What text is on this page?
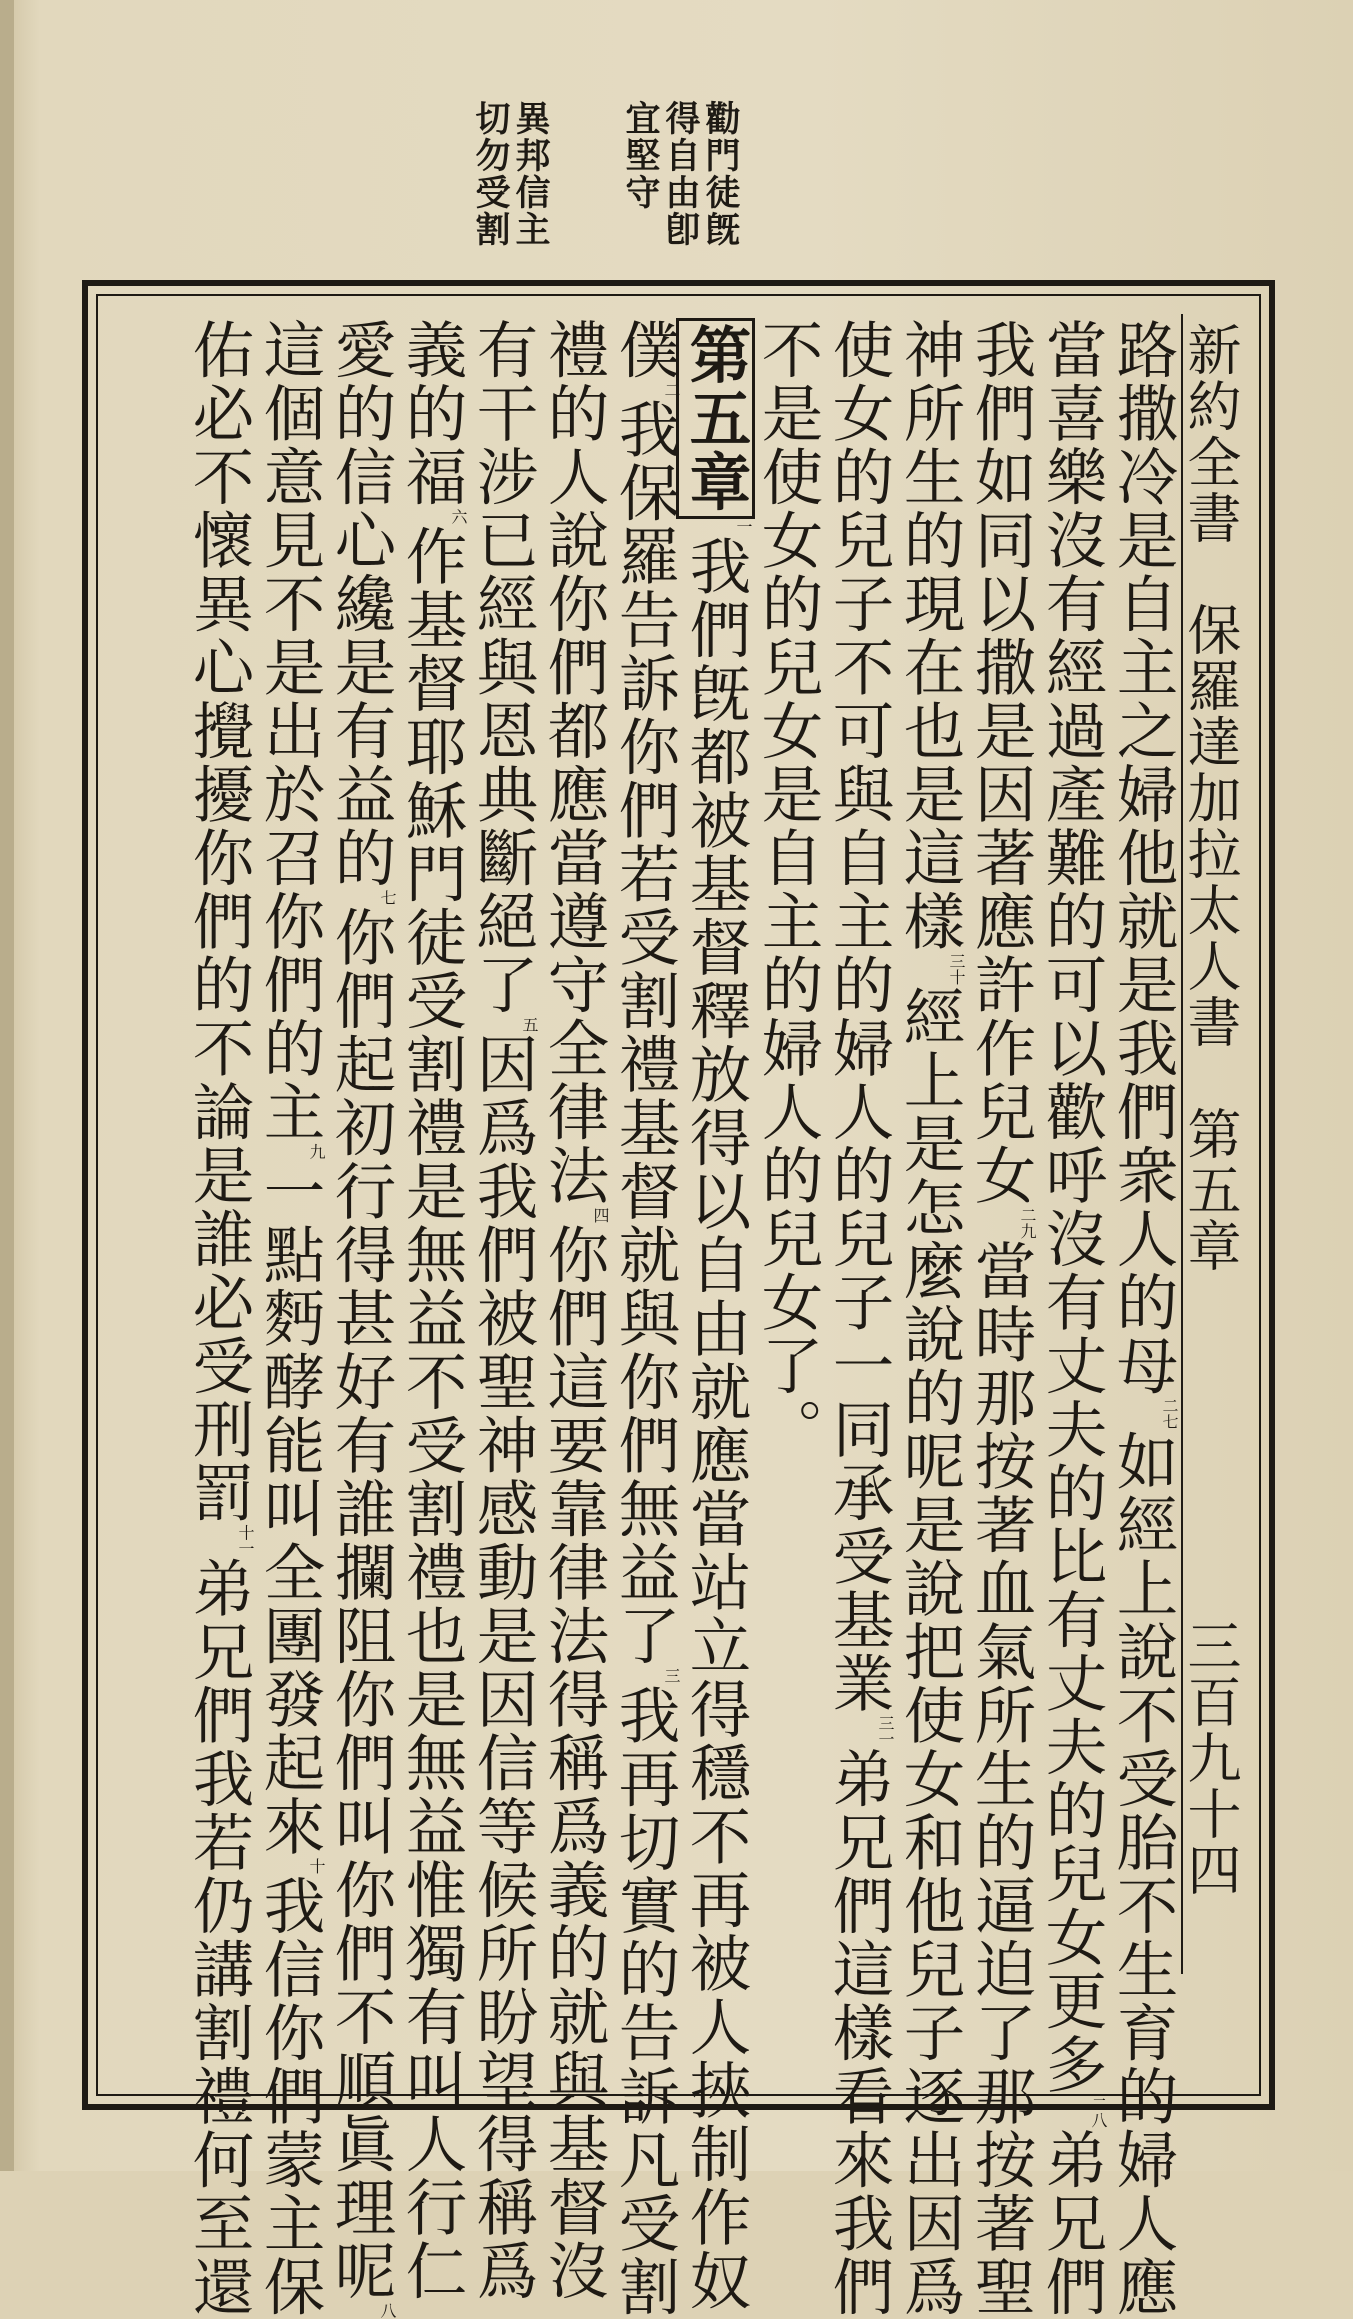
勸門徒旣得自由卽宜堅守
異邦信主切勿受割
新約全書　保羅達加拉太人書　第五章
三百九十四
路撒冷是自主之婦他就是我們衆人的母$^{二七}$如經上說不受胎不生育的婦人應
當喜樂沒有經過產難的可以歡呼沒有丈夫的比有丈夫的兒女更多$^{二八}$弟兄們
我們如同以撒是因著應許作兒女$^{二九}$當時那按著血氣所生的逼迫了那按著聖
神所生的現在也是這樣$^{三十}$經上是怎麼說的呢是說把使女和他兒子逐出因爲
使女的兒子不可與自主的婦人的兒子一同承受基業$^{三一}$弟兄們這樣看來我們
不是使女的兒女是自主的婦人的兒女了。
第五章$^一$我們旣都被基督釋放得以自由就應當站立得穩不再被人挾制作奴
僕$^二$我保羅告訴你們若受割禮基督就與你們無益了$^三$我再切實的告訴凡受割
禮的人說你們都應當遵守全律法$^四$你們這要靠律法得稱爲義的就與基督沒
有干涉已經與恩典斷絕了$^五$因爲我們被聖神感動是因信等候所盼望得稱爲
義的福$^六$作基督耶穌門徒受割禮是無益不受割禮也是無益惟獨有叫人行仁
愛的信心纔是有益的$^七$你們起初行得甚好有誰攔阻你們叫你們不順眞理呢$^八$
這個意見不是出於召你們的主$^九$一點麪酵能叫全團發起來$^十$我信你們蒙主保
佑必不懷異心攪擾你們的不論是誰必受刑罰$^{十一}$弟兄們我若仍講割禮何至還
